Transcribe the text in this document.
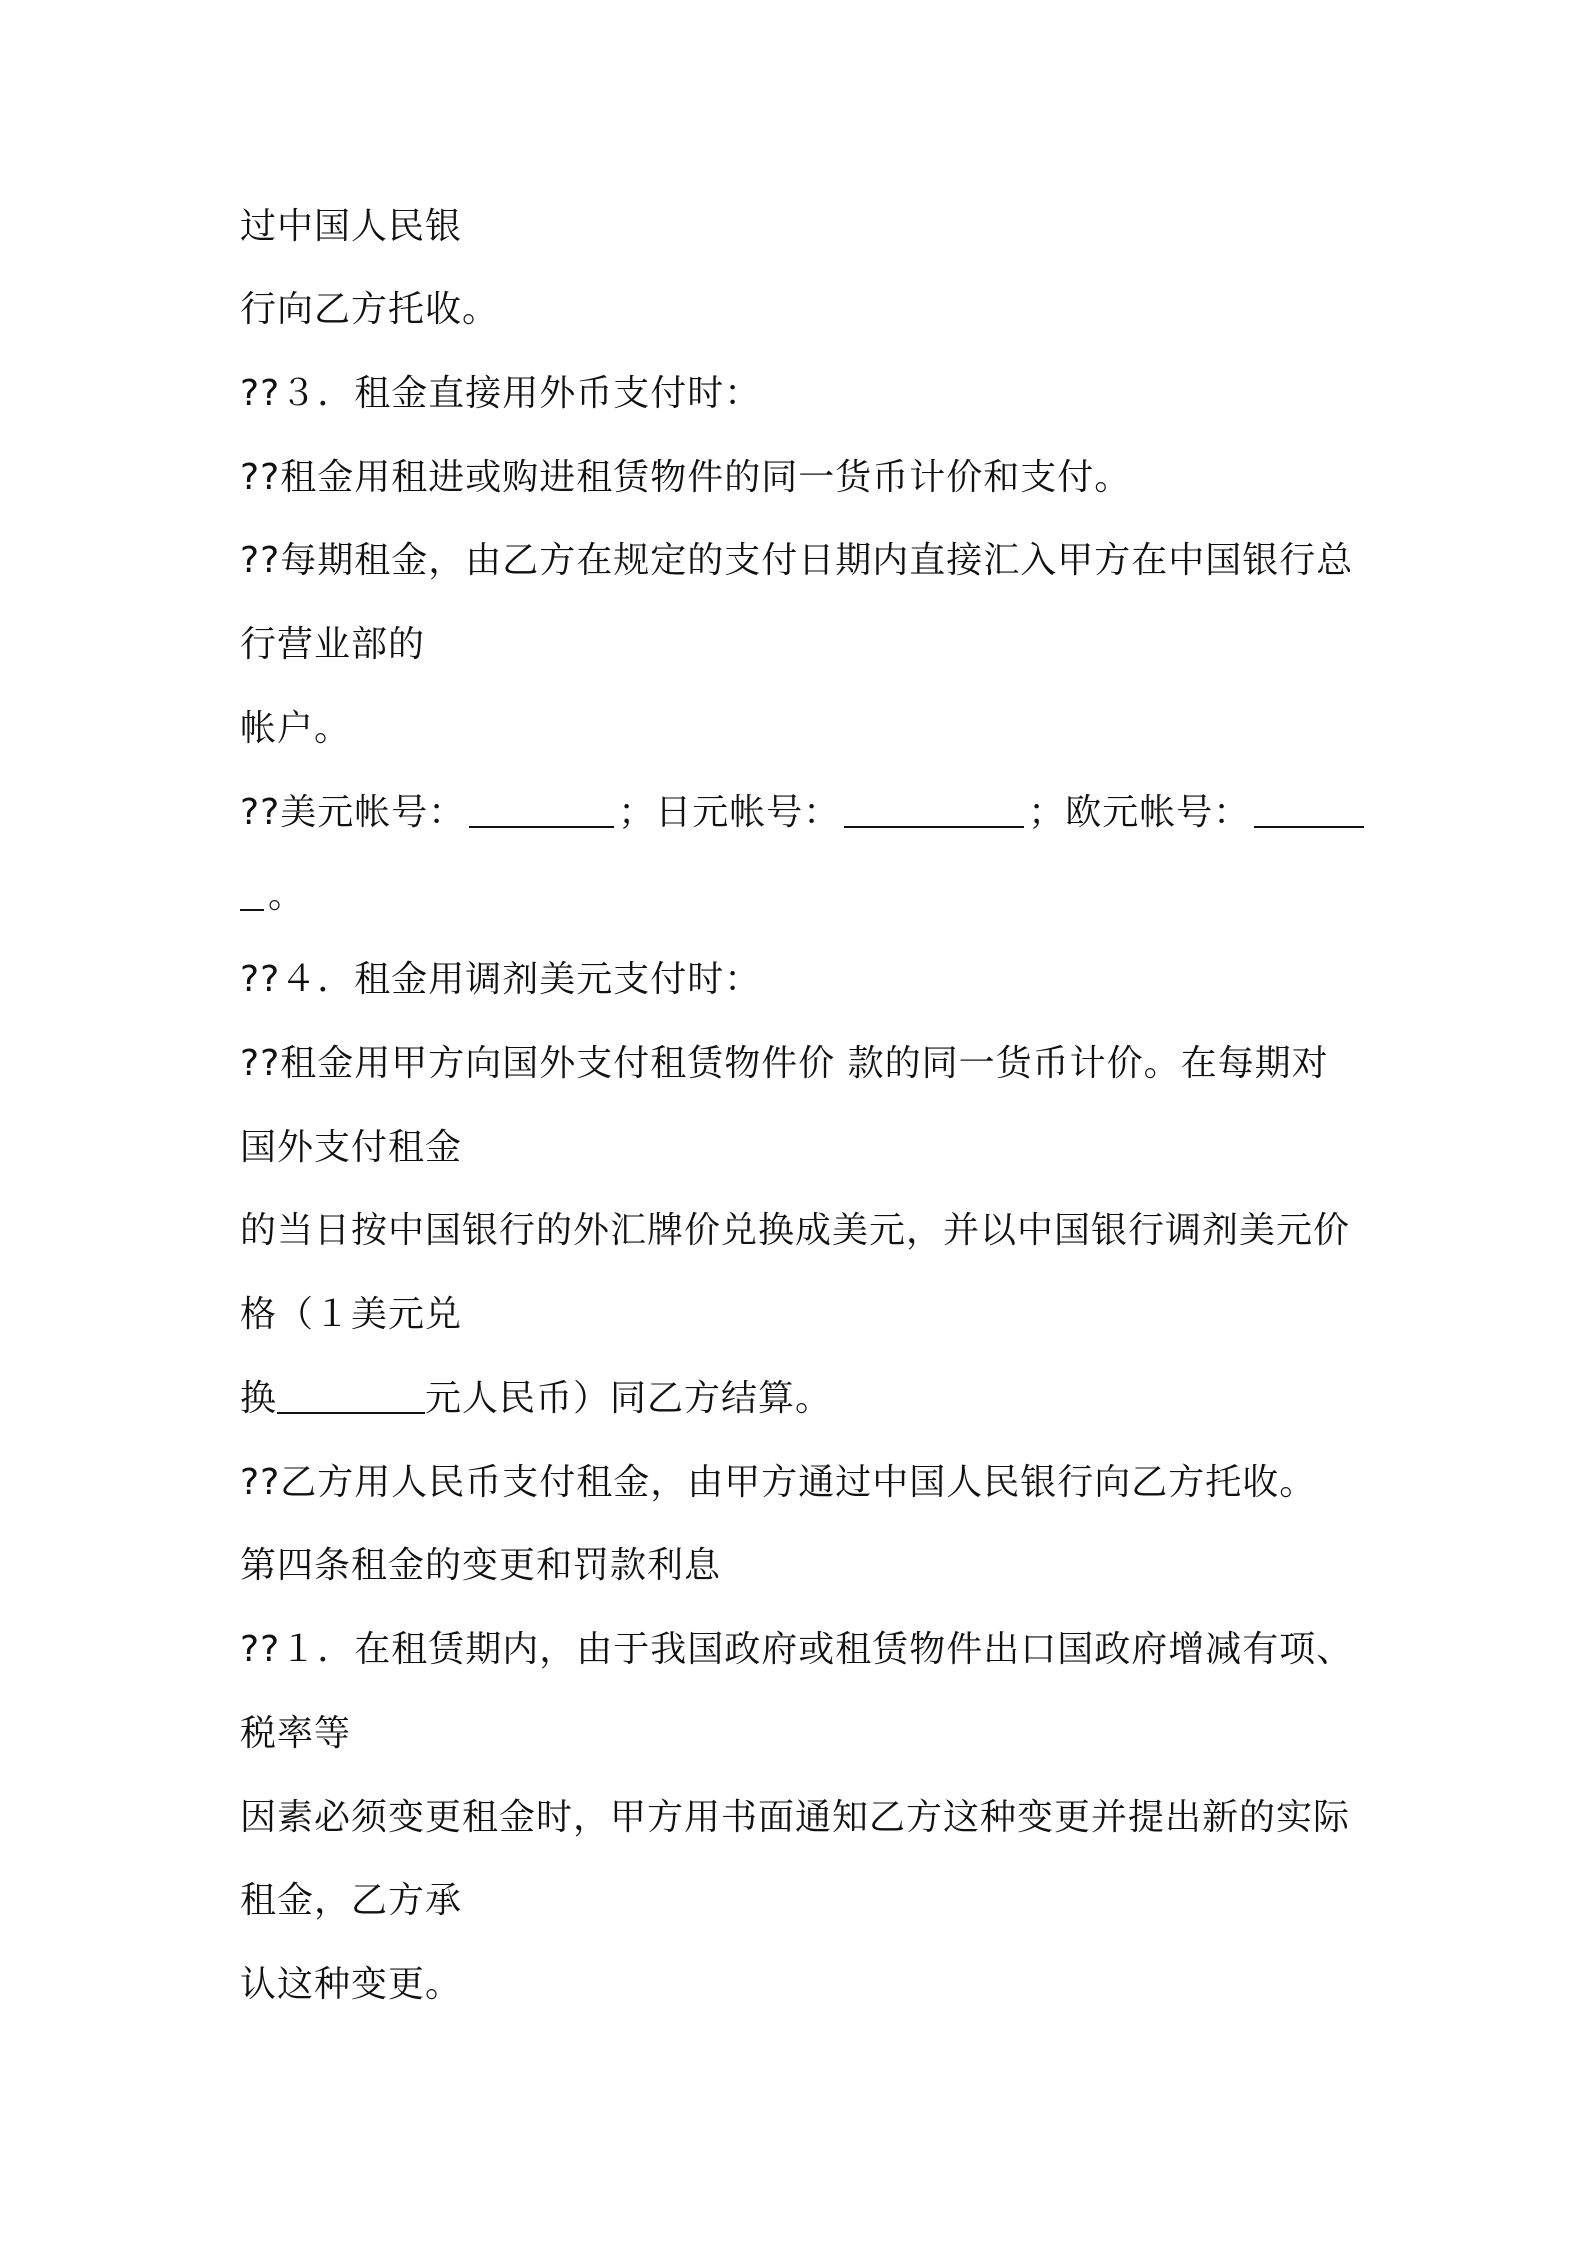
过中国人民银
行向乙方托收。
??３．租金直接用外币支付时：
??租金用租进或购进租赁物件的同一货币计价和支付。
??每期租金，由乙方在规定的支付日期内直接汇入甲方在中国银行总
行营业部的
帐户。
??美元帐号：	；日元帐号：	；欧元帐号：
。
??４．租金用调剂美元支付时：
??租金用甲方向国外支付租赁物件价 款的同一货币计价。在每期对
国外支付租金
的当日按中国银行的外汇牌价兑换成美元，并以中国银行调剂美元价
格（１美元兑
换	元人民币）同乙方结算。
??乙方用人民币支付租金，由甲方通过中国人民银行向乙方托收。
第四条租金的变更和罚款利息
??１．在租赁期内，由于我国政府或租赁物件出口国政府增减有项、
税率等
因素必须变更租金时，甲方用书面通知乙方这种变更并提出新的实际
租金，乙方承
认这种变更。
